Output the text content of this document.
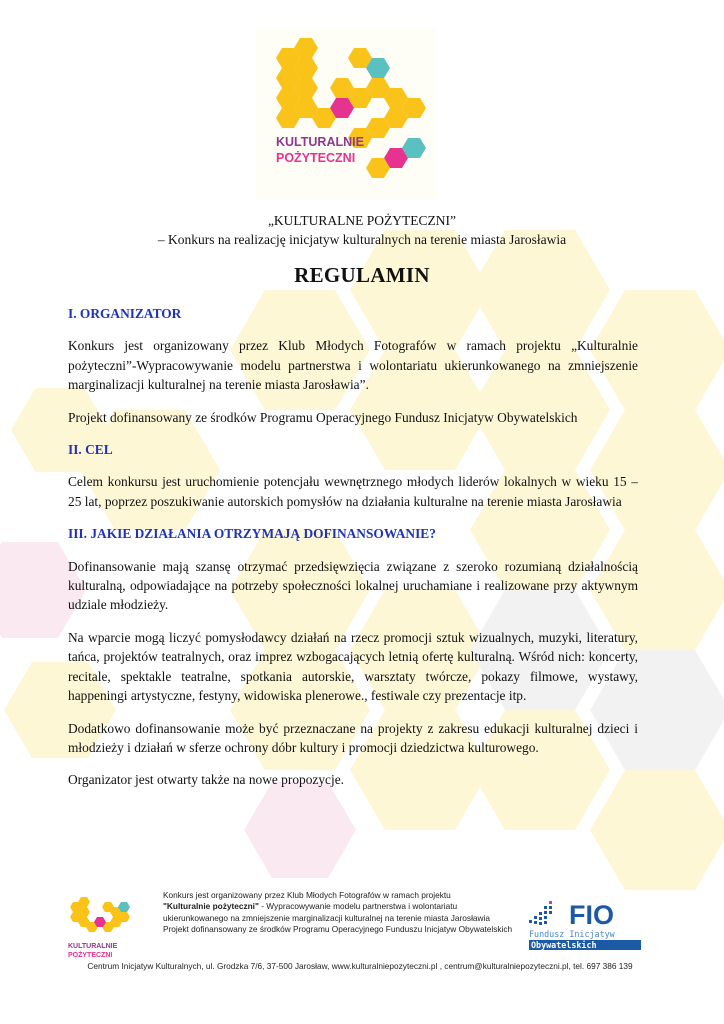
KULTURALNIE
POŻYTECZNI
„KULTURALNE POŻYTECZNI”
– Konkurs na realizację inicjatyw kulturalnych na terenie miasta Jarosławia
REGULAMIN

I. ORGANIZATOR

Konkurs jest organizowany przez Klub Młodych Fotografów w ramach projektu „Kulturalnie pożyteczni”-Wypracowywanie modelu partnerstwa i wolontariatu ukierunkowanego na zmniejszenie marginalizacji kulturalnej na terenie miasta Jarosławia”.

Projekt dofinansowany ze środków Programu Operacyjnego Fundusz Inicjatyw Obywatelskich

II. CEL

Celem konkursu jest uruchomienie potencjału wewnętrznego młodych liderów lokalnych w wieku 15 – 25 lat, poprzez poszukiwanie autorskich pomysłów na działania kulturalne na terenie miasta Jarosławia

III. JAKIE DZIAŁANIA OTRZYMAJĄ DOFINANSOWANIE?

Dofinansowanie mają szansę otrzymać przedsięwzięcia związane z szeroko rozumianą działalnością kulturalną, odpowiadające na potrzeby społeczności lokalnej uruchamiane i realizowane przy aktywnym udziale młodzieży.

Na wparcie mogą liczyć pomysłodawcy działań na rzecz promocji sztuk wizualnych, muzyki, literatury, tańca, projektów teatralnych, oraz imprez wzbogacających letnią ofertę kulturalną. Wśród nich: koncerty, recitale, spektakle teatralne, spotkania autorskie, warsztaty twórcze, pokazy filmowe, wystawy, happeningi artystyczne, festyny, widowiska plenerowe., festiwale czy prezentacje itp.

Dodatkowo dofinansowanie może być przeznaczane na projekty z zakresu edukacji kulturalnej dzieci i młodzieży i działań w sferze ochrony dóbr kultury i promocji dziedzictwa kulturowego.

Organizator jest otwarty także na nowe propozycje.

KULTURALNIE
POŻYTECZNI
Konkurs jest organizowany przez Klub Młodych Fotografów w ramach projektu
"Kulturalnie pożyteczni" - Wypracowywanie modelu partnerstwa i wolontariatu
ukierunkowanego na zmniejszenie marginalizacji kulturalnej na terenie miasta Jarosławia
Projekt dofinansowany ze środków Programu Operacyjnego Funduszu Inicjatyw Obywatelskich	FIO
Fundusz Inicjatyw
Obywatelskich
Centrum Inicjatyw Kulturalnych, ul. Grodzka 7/6, 37-500 Jarosław, www.kulturalniepozyteczni.pl , centrum@kulturalniepozyteczni.pl, tel. 697 386 139
